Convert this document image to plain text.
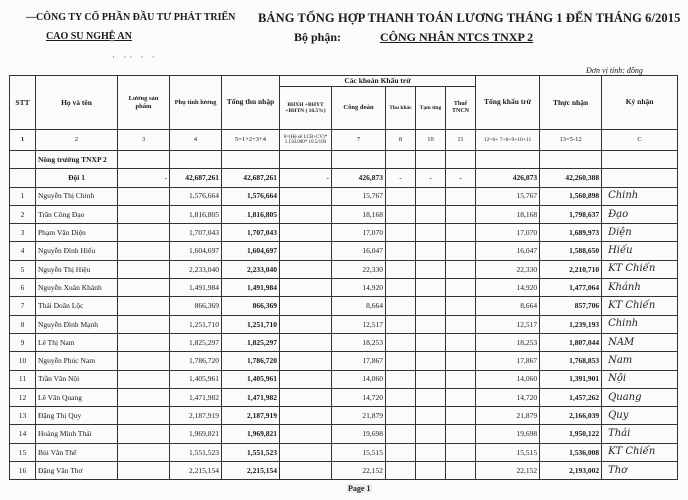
―CÔNG TY CỔ PHẦN ĐẦU TƯ PHÁT TRIỂN
CAO SU NGHỆ AN
· ·· · ·
BẢNG TỔNG HỢP THANH TOÁN LƯƠNG THÁNG 1 ĐẾN THÁNG 6/2015
Bộ phận:	CÔNG NHÂN NTCS TNXP 2
Đơn vị tính: đồng
STT	Họ và tên	Lương sản phẩm	Phụ tính lương	Tổng thu nhập	Các khoản Khấu trừ					Tổng khấu trừ	Thực nhận	Ký nhận
					BHXH +BHYT +BHTN ( 10.5%)	Công đoàn	Thu khác	Tạm ứng	Thuế TNCN			
1	2	3	4	5=1+2+3+4	6=(Hệ số LCB+CV)* 1.150.000* 10.5/100	7	8	10	11	12=6+ 7+8+9+10+11	13=5-12	C
	Nông trường TNXP 2											
	Đội 1	-	42,687,261	42,687,261	-	426,873	-	-	-	426,873	42,260,388	
1	Nguyễn Thị Chinh		1,576,664	1,576,664		15,767				15,767	1,560,898	Chinh
2	Trần Công Đạo		1,816,805	1,816,805		18,168				18,168	1,798,637	Đạo
3	Phạm Văn Diện		1,707,043	1,707,043		17,070				17,070	1,689,973	Diện
4	Nguyễn Đình Hiếu		1,604,697	1,604,697		16,047				16,047	1,588,650	Hiếu
5	Nguyễn Thị Hiệu		2,233,040	2,233,040		22,330				22,330	2,210,710	KT Chiến
6	Nguyễn Xuân Khánh		1,491,984	1,491,984		14,920				14,920	1,477,064	Khánh
7	Thái Doãn Lộc		866,369	866,369		8,664				8,664	857,706	KT Chiến
8	Nguyễn Đình Mạnh		1,251,710	1,251,710		12,517				12,517	1,239,193	Chinh
9	Lê Thị Nam		1,825,297	1,825,297		18,253				18,253	1,807,044	NAM
10	Nguyễn Phúc Nam		1,786,720	1,786,720		17,867				17,867	1,768,853	Nam
11	Trần Văn Nội		1,405,961	1,405,961		14,060				14,060	1,391,901	Nội
12	Lê Văn Quang		1,471,982	1,471,982		14,720				14,720	1,457,262	Quang
13	Đặng Thị Quy		2,187,919	2,187,919		21,879				21,879	2,166,039	Quy
14	Hoàng Minh Thái		1,969,821	1,969,821		19,698				19,698	1,950,122	Thái
15	Bùi Văn Thế		1,551,523	1,551,523		15,515				15,515	1,536,008	KT Chiến
16	Đặng Văn Thơ		2,215,154	2,215,154		22,152				22,152	2,193,002	Thơ
Page 1
